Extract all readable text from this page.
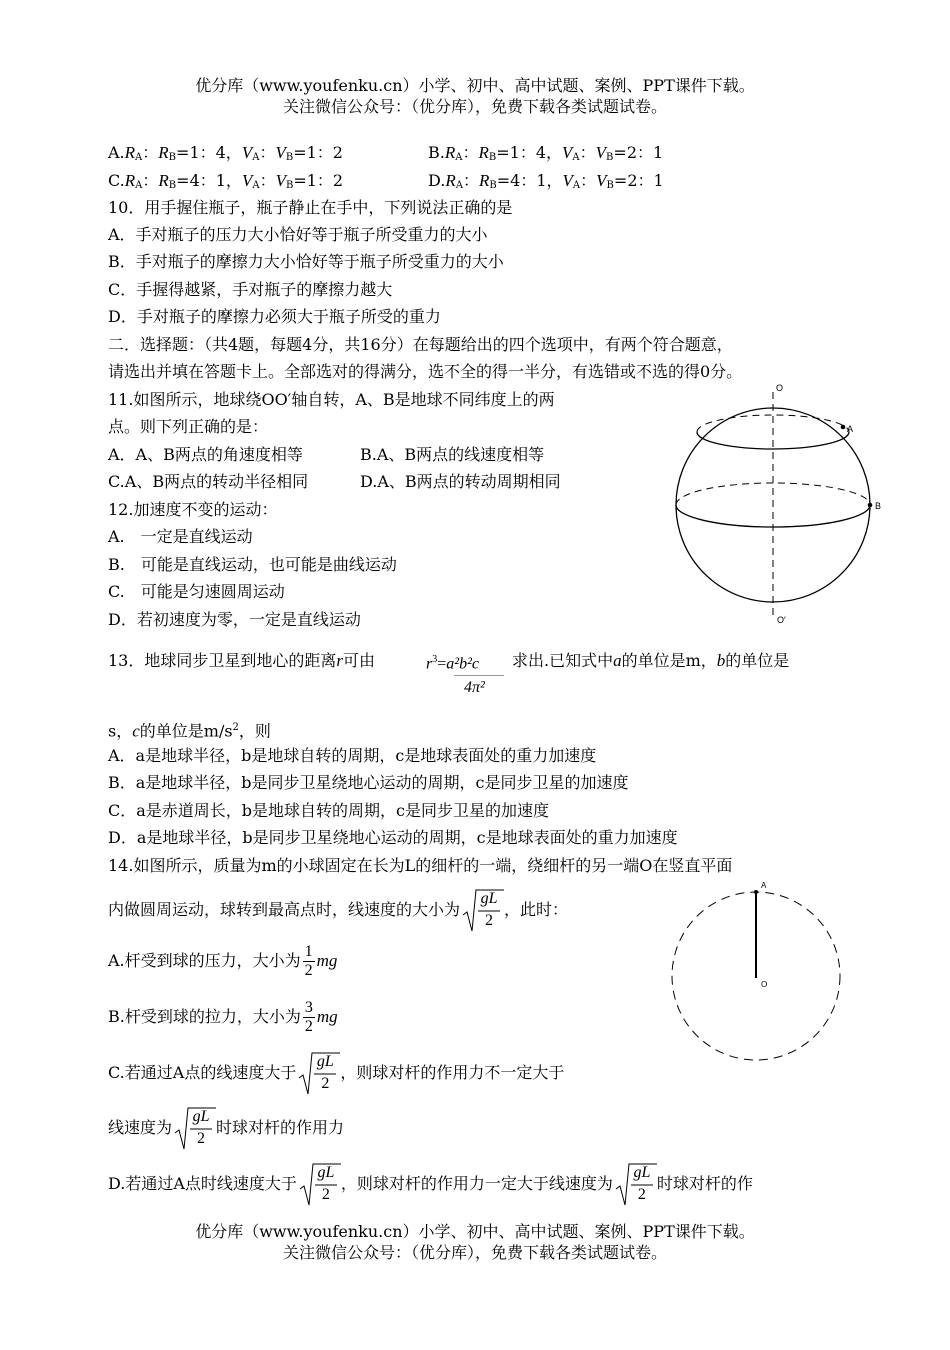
优分库（www.youfenku.cn）小学、初中、高中试题、案例、PPT课件下载。
关注微信公众号：（优分库），免费下载各类试题试卷。
$A.R_A$：$R_B=1$：4，$V_A$：$V_B=1$：2	$B.R_A$：$R_B=1$：4，$V_A$：$V_B=2$：1
$C.R_A$：$R_B=4$：1，$V_A$：$V_B=1$：2	$D.R_A$：$R_B=4$：1，$V_A$：$V_B=2$：1
10．用手握住瓶子，瓶子静止在手中，下列说法正确的是
A．手对瓶子的压力大小恰好等于瓶子所受重力的大小
B．手对瓶子的摩擦力大小恰好等于瓶子所受重力的大小
C．手握得越紧，手对瓶子的摩擦力越大
D．手对瓶子的摩擦力必须大于瓶子所受的重力
二．选择题：（共4题，每题4分，共16分）在每题给出的四个选项中，有两个符合题意，
请选出并填在答题卡上。全部选对的得满分，选不全的得一半分，有选错或不选的得0分。
11.如图所示，地球绕OO′轴自转，A、B是地球不同纬度上的两
点。则下列正确的是：
A．A、B两点的角速度相等	B.A、B两点的线速度相等
C.A、B两点的转动半径相同	D.A、B两点的转动周期相同
O
A
B
O′
12.加速度不变的运动：
A.　一定是直线运动
B.　可能是直线运动，也可能是曲线运动
C.　可能是匀速圆周运动
D．若初速度为零，一定是直线运动
13．地球同步卫星到地心的距离r可由	$r^3=a^2b^2c$
4π²
求出.已知式中a的单位是m，b的单位是
s，c的单位是$m/s^2$，则
A．a是地球半径，b是地球自转的周期，c是地球表面处的重力加速度
B．a是地球半径，b是同步卫星绕地心运动的周期，c是同步卫星的加速度
C．a是赤道周长，b是地球自转的周期，c是同步卫星的加速度
D．a是地球半径，b是同步卫星绕地心运动的周期，c是地球表面处的重力加速度
14.如图所示，质量为m的小球固定在长为L的细杆的一端，绕细杆的另一端O在竖直平面
内做圆周运动，球转到最高点时，线速度的大小为
gL
2
，此时：
A.杆受到球的压力，大小为 $\frac{1}{2}$ mg
B.杆受到球的拉力，大小为 $\frac{3}{2}$ mg
C.若通过A点的线速度大于
gL
2
，则球对杆的作用力不一定大于
线速度为
gL
2
时球对杆的作用力
D.若通过A点时线速度大于
gL
2
，则球对杆的作用力一定大于线速度为
gL
2
时球对杆的作
A
O
优分库（www.youfenku.cn）小学、初中、高中试题、案例、PPT课件下载。
关注微信公众号：（优分库），免费下载各类试题试卷。
